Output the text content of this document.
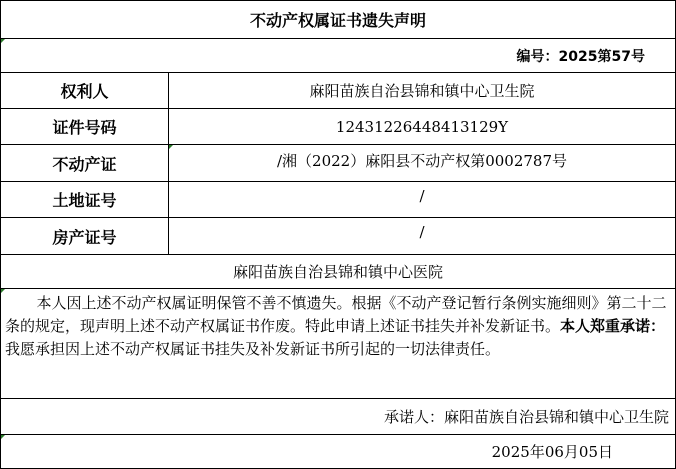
不动产权属证书遗失声明
编号：2025第57号
权利人	麻阳苗族自治县锦和镇中心卫生院
证件号码	12431226448413129Y
不动产证	/湘（2022）麻阳县不动产权第0002787号
土地证号	/
房产证号	/
麻阳苗族自治县锦和镇中心医院
本人因上述不动产权属证明保管不善不慎遗失。根据《不动产登记暂行条例实施细则》第二十二条的规定，现声明上述不动产权属证书作废。特此申请上述证书挂失并补发新证书。本人郑重承诺：我愿承担因上述不动产权属证书挂失及补发新证书所引起的一切法律责任。
承诺人：麻阳苗族自治县锦和镇中心卫生院
2025年06月05日
